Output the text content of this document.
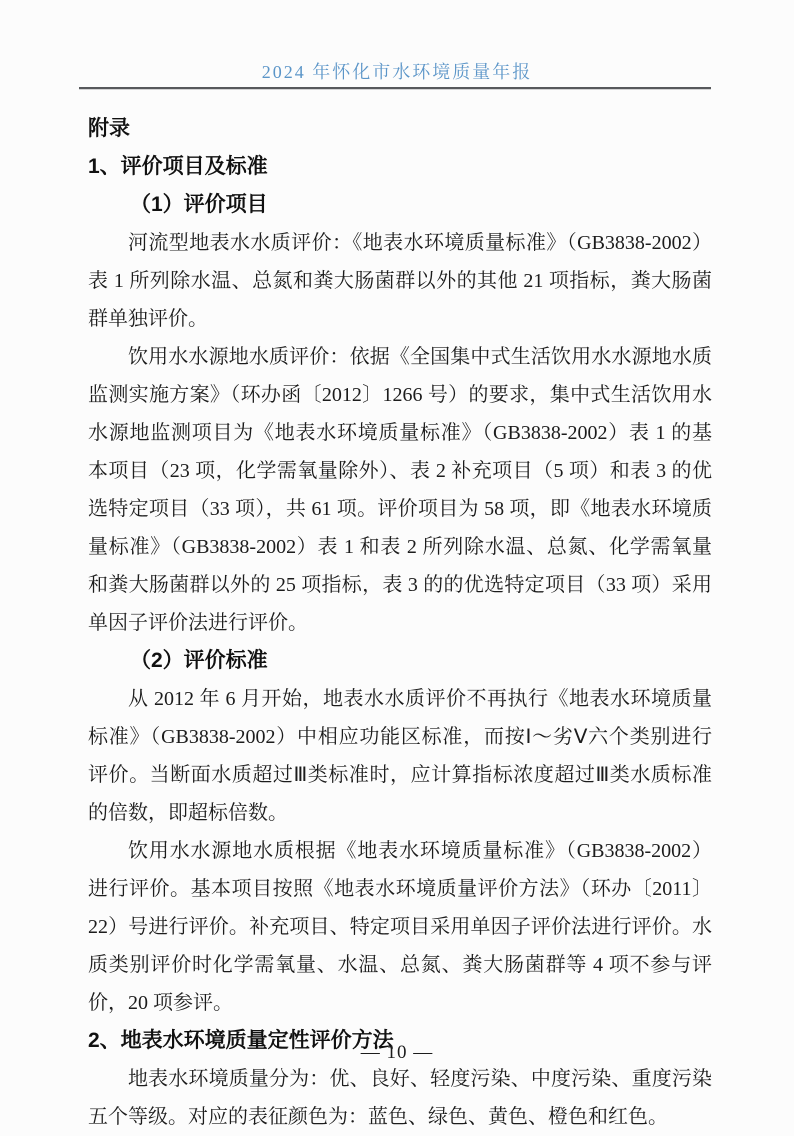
2024 年怀化市水环境质量年报
附录
1、评价项目及标准
（1）评价项目

河流型地表水水质评价：《地表水环境质量标准》（GB3838-2002）表 1 所列除水温、总氮和粪大肠菌群以外的其他 21 项指标，粪大肠菌群单独评价。

饮用水水源地水质评价：依据《全国集中式生活饮用水水源地水质监测实施方案》（环办函〔2012〕1266 号）的要求，集中式生活饮用水水源地监测项目为《地表水环境质量标准》（GB3838-2002）表 1 的基本项目（23 项，化学需氧量除外）、表 2 补充项目（5 项）和表 3 的优选特定项目（33 项），共 61 项。评价项目为 58 项，即《地表水环境质量标准》（GB3838-2002）表 1 和表 2 所列除水温、总氮、化学需氧量和粪大肠菌群以外的 25 项指标，表 3 的的优选特定项目（33 项）采用单因子评价法进行评价。

（2）评价标准

从 2012 年 6 月开始，地表水水质评价不再执行《地表水环境质量标准》（GB3838-2002）中相应功能区标准，而按Ⅰ～劣Ⅴ六个类别进行评价。当断面水质超过Ⅲ类标准时，应计算指标浓度超过Ⅲ类水质标准的倍数，即超标倍数。

饮用水水源地水质根据《地表水环境质量标准》（GB3838-2002）进行评价。基本项目按照《地表水环境质量评价方法》（环办〔2011〕22）号进行评价。补充项目、特定项目采用单因子评价法进行评价。水质类别评价时化学需氧量、水温、总氮、粪大肠菌群等 4 项不参与评价，20 项参评。

2、地表水环境质量定性评价方法

地表水环境质量分为：优、良好、轻度污染、中度污染、重度污染五个等级。对应的表征颜色为：蓝色、绿色、黄色、橙色和红色。

— 10 —
